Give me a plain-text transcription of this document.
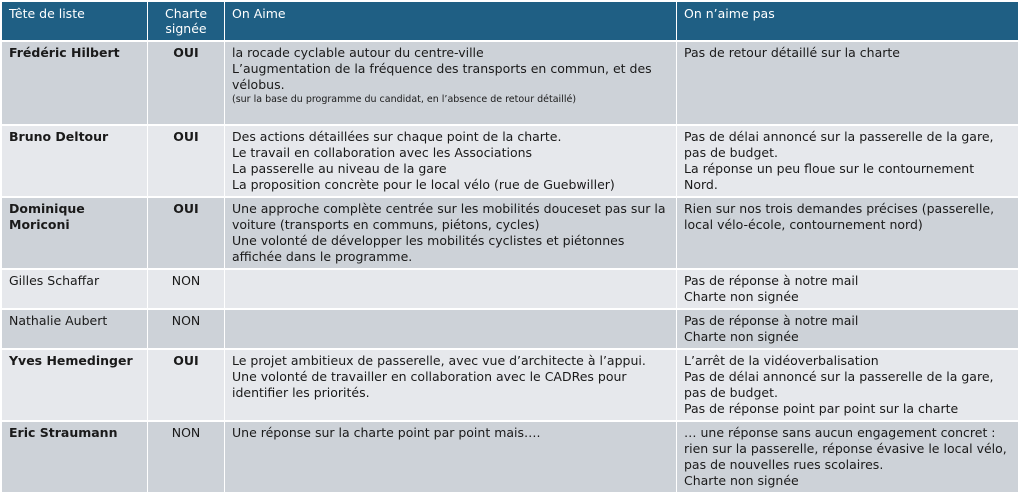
Tête de liste	Charte signée	On Aime	On n’aime pas
Frédéric Hilbert	OUI	la rocade cyclable autour du centre-ville
L’augmentation de la fréquence des transports en commun, et des vélobus.
(sur la base du programme du candidat, en l’absence de retour détaillé)	Pas de retour détaillé sur la charte

Bruno Deltour	OUI	Des actions détaillées sur chaque point de la charte.
Le travail en collaboration avec les Associations
La passerelle au niveau de la gare
La proposition concrète pour le local vélo (rue de Guebwiller)	Pas de délai annoncé sur la passerelle de la gare, pas de budget.
La réponse un peu floue sur le contournement Nord.

Dominique Moriconi	OUI	Une approche complète centrée sur les mobilités douceset pas sur la voiture (transports en communs, piétons, cycles)
Une volonté de développer les mobilités cyclistes et piétonnes affichée dans le programme.	Rien sur nos trois demandes précises (passerelle, local vélo-école, contournement nord)

Gilles Schaffar	NON		Pas de réponse à notre mail
Charte non signée

Nathalie Aubert	NON		Pas de réponse à notre mail
Charte non signée

Yves Hemedinger	OUI	Le projet ambitieux de passerelle, avec vue d’architecte à l’appui.
Une volonté de travailler en collaboration avec le CADRes pour identifier les priorités.	L’arrêt de la vidéoverbalisation
Pas de délai annoncé sur la passerelle de la gare, pas de budget.
Pas de réponse point par point sur la charte

Eric Straumann	NON	Une réponse sur la charte point par point mais….	… une réponse sans aucun engagement concret : rien sur la passerelle, réponse évasive le local vélo, pas de nouvelles rues scolaires.
Charte non signée
